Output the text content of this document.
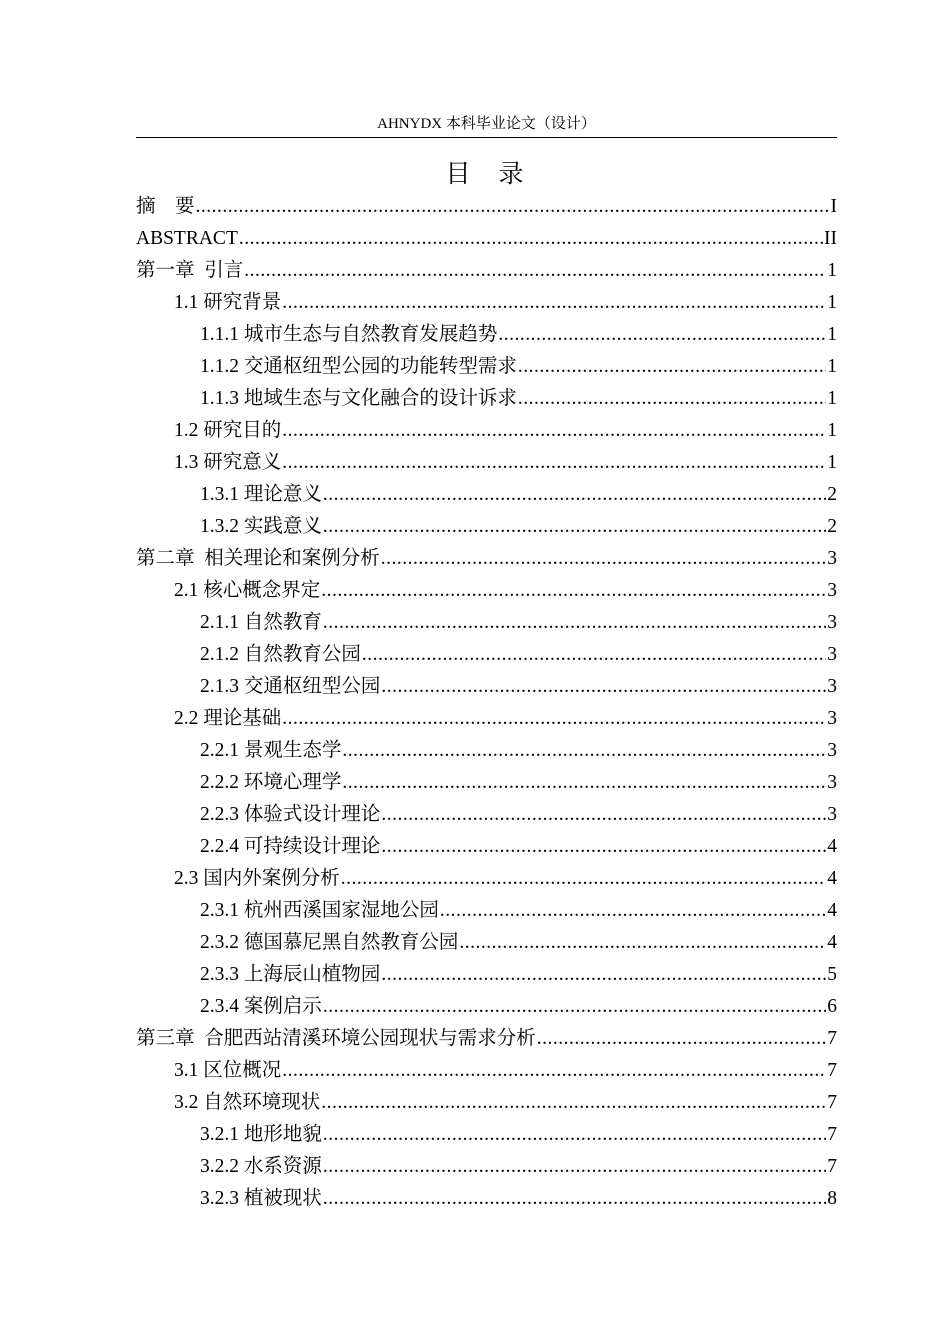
AHNYDX 本科毕业论文（设计）
目  录
摘    要 .....	I
ABSTRACT .....	II
第一章  引言 .....	1
1.1 研究背景 .....	1
1.1.1 城市生态与自然教育发展趋势 .....	1
1.1.2 交通枢纽型公园的功能转型需求 .....	1
1.1.3 地域生态与文化融合的设计诉求 .....	1
1.2 研究目的 .....	1
1.3 研究意义 .....	1
1.3.1 理论意义 .....	2
1.3.2 实践意义 .....	2
第二章  相关理论和案例分析 .....	3
2.1 核心概念界定 .....	3
2.1.1 自然教育 .....	3
2.1.2 自然教育公园 .....	3
2.1.3 交通枢纽型公园 .....	3
2.2 理论基础 .....	3
2.2.1 景观生态学 .....	3
2.2.2 环境心理学 .....	3
2.2.3 体验式设计理论 .....	3
2.2.4 可持续设计理论 .....	4
2.3 国内外案例分析 .....	4
2.3.1 杭州西溪国家湿地公园 .....	4
2.3.2 德国慕尼黑自然教育公园 .....	4
2.3.3 上海辰山植物园 .....	5
2.3.4 案例启示 .....	6
第三章  合肥西站清溪环境公园现状与需求分析 .....	7
3.1 区位概况 .....	7
3.2 自然环境现状 .....	7
3.2.1 地形地貌 .....	7
3.2.2 水系资源 .....	7
3.2.3 植被现状 .....	8
